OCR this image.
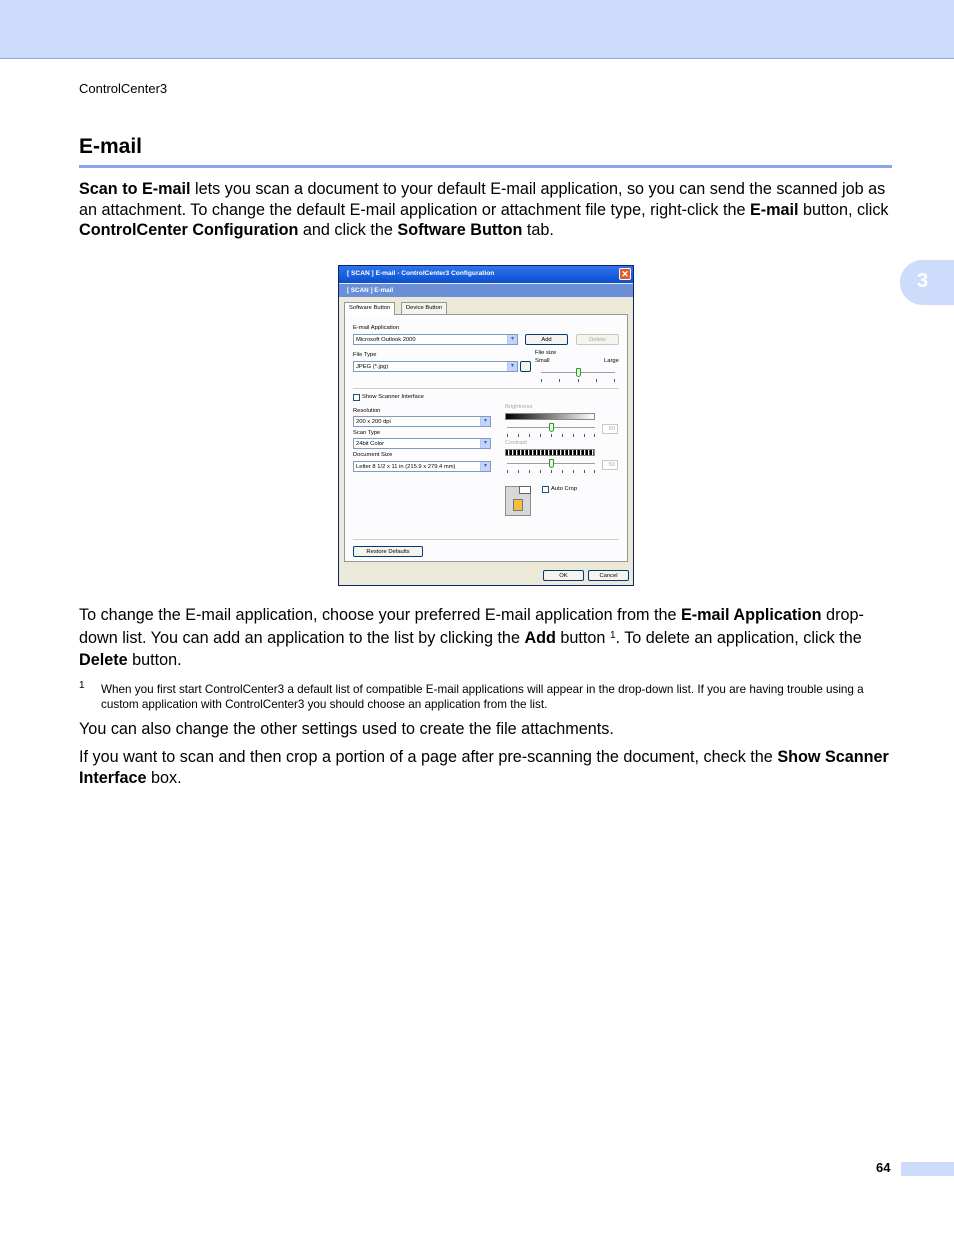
ControlCenter3
E-mail
3

Scan to E-mail lets you scan a document to your default E-mail application, so you can send the scanned job as an attachment. To change the default E-mail application or attachment file type, right-click the E-mail button, click ControlCenter Configuration and click the Software Button tab.

[ SCAN ] E-mail - ControlCenter3 Configuration	✕
[ SCAN ] E-mail
Software Button	Device Button
E-mail Application
Microsoft Outlook 2000	▾	Add	Delete
File Type
JPEG (*.jpg)	▾
File size
Small	Large
Show Scanner Interface
Resolution
200 x 200 dpi	▾
Scan Type
24bit Color	▾
Document Size
Letter 8 1/2 x 11 in (215.9 x 279.4 mm)	▾
Brightness
50
Contrast
50
Auto Crop
Restore Defaults
OK	Cancel

To change the E-mail application, choose your preferred E-mail application from the E-mail Application drop-down list. You can add an application to the list by clicking the Add button $^1$. To delete an application, click the Delete button.

1 When you first start ControlCenter3 a default list of compatible E-mail applications will appear in the drop-down list. If you are having trouble using a custom application with ControlCenter3 you should choose an application from the list.

You can also change the other settings used to create the file attachments.

If you want to scan and then crop a portion of a page after pre-scanning the document, check the Show Scanner Interface box.

64
